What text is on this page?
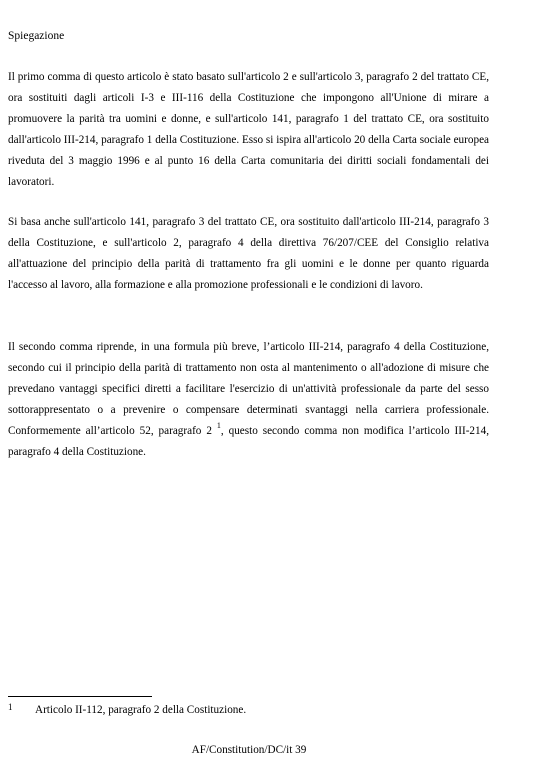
Spiegazione

Il primo comma di questo articolo è stato basato sull'articolo 2 e sull'articolo 3, paragrafo 2 del trattato CE, ora sostituiti dagli articoli I-3 e III-116 della Costituzione che impongono all'Unione di mirare a promuovere la parità tra uomini e donne, e sull'articolo 141, paragrafo 1 del trattato CE, ora sostituito dall'articolo III-214, paragrafo 1 della Costituzione. Esso si ispira all'articolo 20 della Carta sociale europea riveduta del 3 maggio 1996 e al punto 16 della Carta comunitaria dei diritti sociali fondamentali dei lavoratori.

Si basa anche sull'articolo 141, paragrafo 3 del trattato CE, ora sostituito dall'articolo III-214, paragrafo 3 della Costituzione, e sull'articolo 2, paragrafo 4 della direttiva 76/207/CEE del Consiglio relativa all'attuazione del principio della parità di trattamento fra gli uomini e le donne per quanto riguarda l'accesso al lavoro, alla formazione e alla promozione professionali e le condizioni di lavoro.

Il secondo comma riprende, in una formula più breve, l’articolo III-214, paragrafo 4 della Costituzione, secondo cui il principio della parità di trattamento non osta al mantenimento o all'adozione di misure che prevedano vantaggi specifici diretti a facilitare l'esercizio di un'attività professionale da parte del sesso sottorappresentato o a prevenire o compensare determinati svantaggi nella carriera professionale. Conformemente all’articolo 52, paragrafo 2 $^1$, questo secondo comma non modifica l’articolo III-214, paragrafo 4 della Costituzione.

1 Articolo II-112, paragrafo 2 della Costituzione.
AF/Constitution/DC/it 39
